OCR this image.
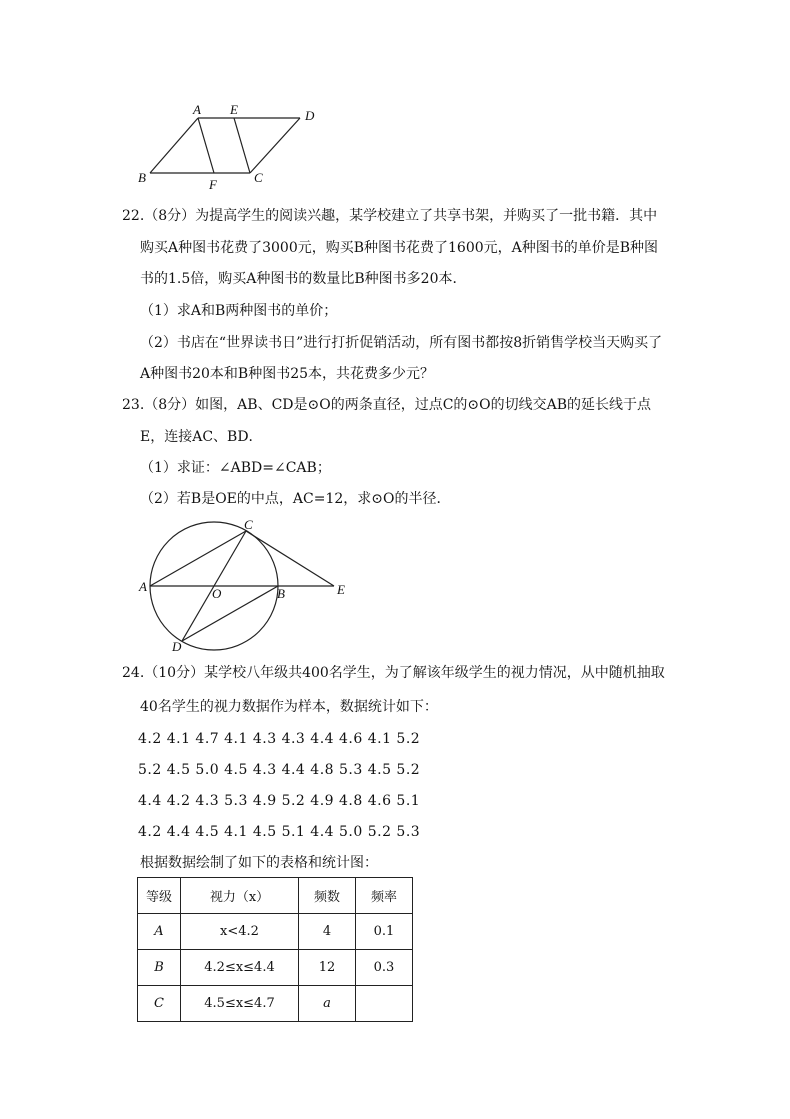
A E	D
B	F	C
22.（8分）为提高学生的阅读兴趣，某学校建立了共享书架，并购买了一批书籍．其中
购买A种图书花费了3000元，购买B种图书花费了1600元，A种图书的单价是B种图
书的1.5倍，购买A种图书的数量比B种图书多20本．
（1）求A和B两种图书的单价；
（2）书店在“世界读书日”进行打折促销活动，所有图书都按8折销售学校当天购买了
A种图书20本和B种图书25本，共花费多少元？
23.（8分）如图，AB、CD是⊙O的两条直径，过点C的⊙O的切线交AB的延长线于点
E，连接AC、BD．
（1）求证：∠ABD=∠CAB；
（2）若B是OE的中点，AC=12，求⊙O的半径．
C
A	O	B	E
D
24.（10分）某学校八年级共400名学生，为了解该年级学生的视力情况，从中随机抽取
40名学生的视力数据作为样本，数据统计如下：
4.2 4.1 4.7 4.1 4.3 4.3 4.4 4.6 4.1 5.2
5.2 4.5 5.0 4.5 4.3 4.4 4.8 5.3 4.5 5.2
4.4 4.2 4.3 5.3 4.9 5.2 4.9 4.8 4.6 5.1
4.2 4.4 4.5 4.1 4.5 5.1 4.4 5.0 5.2 5.3
根据数据绘制了如下的表格和统计图：
等级	视力（x）	频数	频率
A	x<4.2	4	0.1
B	4.2≤x≤4.4	12	0.3
C	4.5≤x≤4.7	a	
